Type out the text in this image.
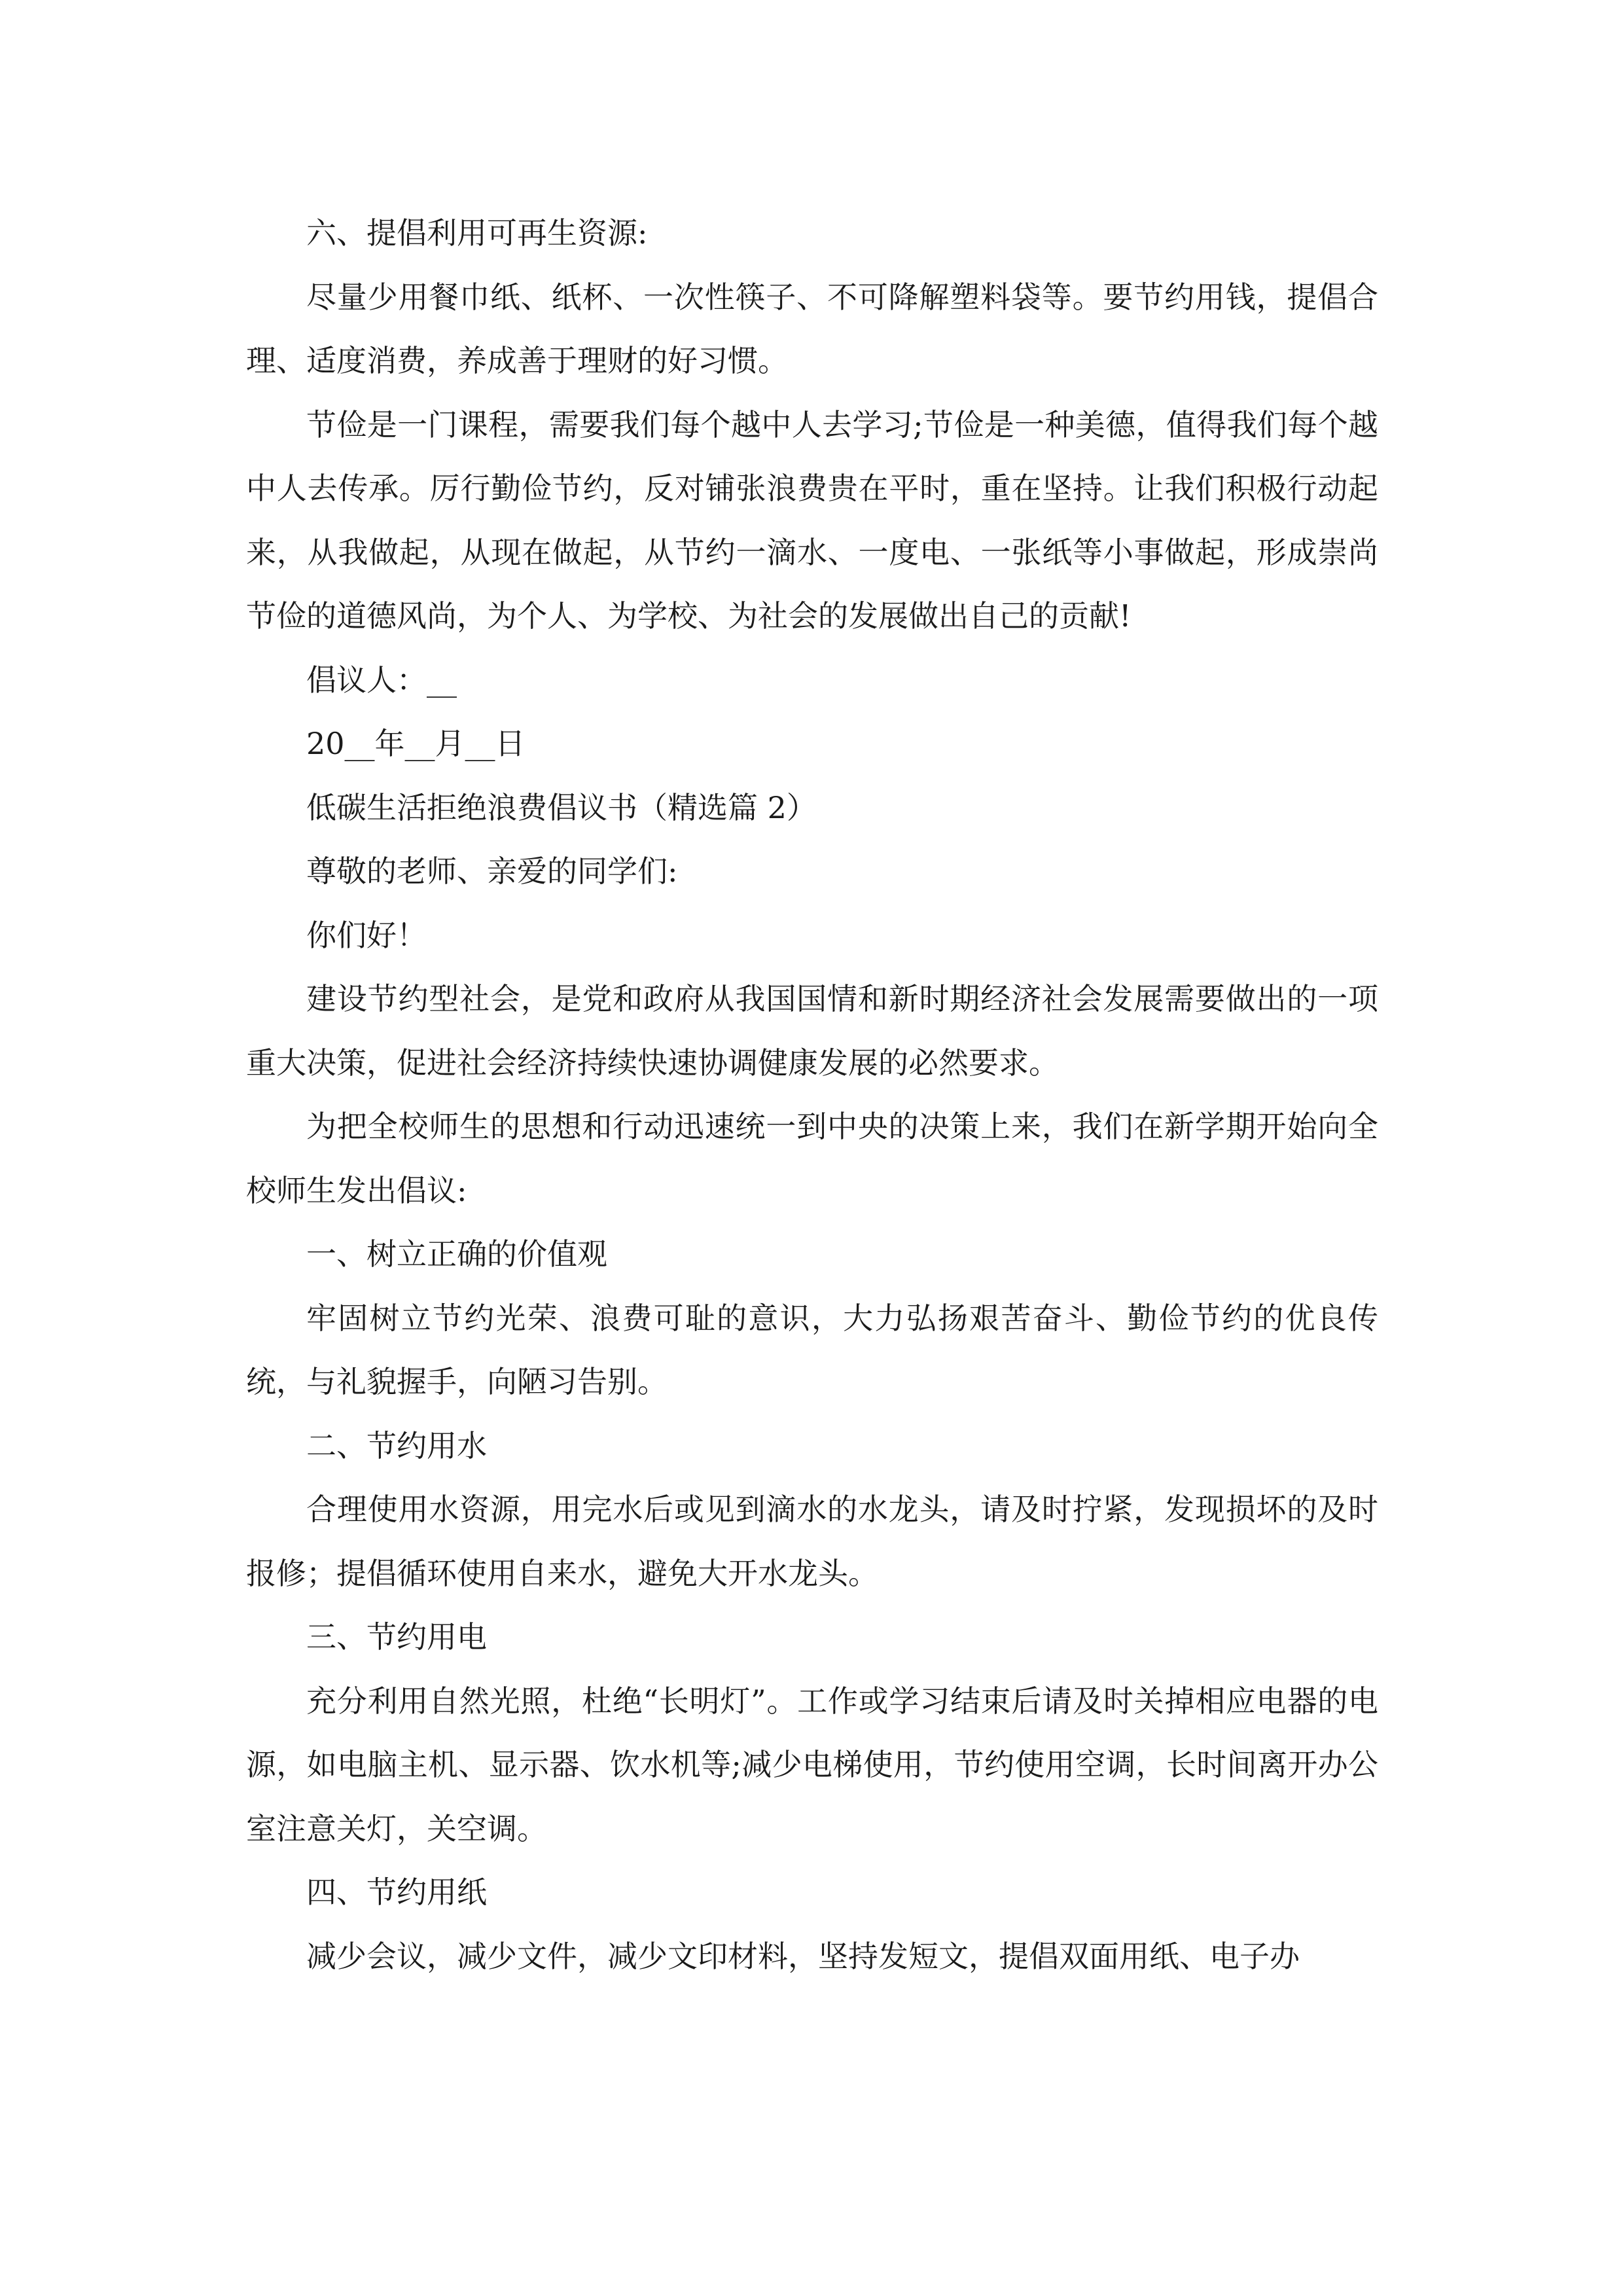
六、提倡利用可再生资源:

尽量少用餐巾纸、纸杯、一次性筷子、不可降解塑料袋等。要节约用钱，提倡合理、适度消费，养成善于理财的好习惯。

节俭是一门课程，需要我们每个越中人去学习;节俭是一种美德，值得我们每个越中人去传承。厉行勤俭节约，反对铺张浪费贵在平时，重在坚持。让我们积极行动起来，从我做起，从现在做起，从节约一滴水、一度电、一张纸等小事做起，形成崇尚节俭的道德风尚，为个人、为学校、为社会的发展做出自己的贡献!

倡议人：__

20__年__月__日

低碳生活拒绝浪费倡议书（精选篇 2）

尊敬的老师、亲爱的同学们:

你们好！

建设节约型社会，是党和政府从我国国情和新时期经济社会发展需要做出的一项重大决策，促进社会经济持续快速协调健康发展的必然要求。

为把全校师生的思想和行动迅速统一到中央的决策上来，我们在新学期开始向全校师生发出倡议:

一、树立正确的价值观

牢固树立节约光荣、浪费可耻的意识，大力弘扬艰苦奋斗、勤俭节约的优良传统，与礼貌握手，向陋习告别。

二、节约用水

合理使用水资源，用完水后或见到滴水的水龙头，请及时拧紧，发现损坏的及时报修；提倡循环使用自来水，避免大开水龙头。

三、节约用电

充分利用自然光照，杜绝“长明灯”。工作或学习结束后请及时关掉相应电器的电源，如电脑主机、显示器、饮水机等;减少电梯使用，节约使用空调，长时间离开办公室注意关灯，关空调。

四、节约用纸

减少会议，减少文件，减少文印材料，坚持发短文，提倡双面用纸、电子办
